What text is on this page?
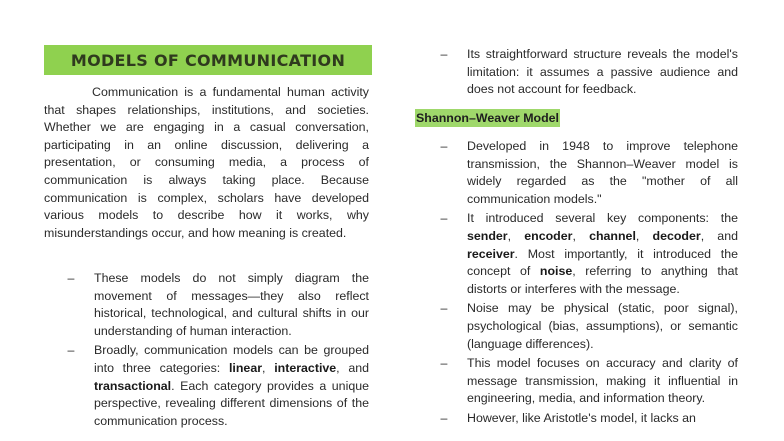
MODELS OF COMMUNICATION

Communication is a fundamental human activity that shapes relationships, institutions, and societies. Whether we are engaging in a casual conversation, participating in an online discussion, delivering a presentation, or consuming media, a process of communication is always taking place. Because communication is complex, scholars have developed various models to describe how it works, why misunderstandings occur, and how meaning is created.

– These models do not simply diagram the movement of messages—they also reflect historical, technological, and cultural shifts in our understanding of human interaction.
– Broadly, communication models can be grouped into three categories: linear, interactive, and transactional. Each category provides a unique perspective, revealing different dimensions of the communication process.
– Its straightforward structure reveals the model's limitation: it assumes a passive audience and does not account for feedback.
Shannon–Weaver Model
– Developed in 1948 to improve telephone transmission, the Shannon–Weaver model is widely regarded as the "mother of all communication models."
– It introduced several key components: the sender, encoder, channel, decoder, and receiver. Most importantly, it introduced the concept of noise, referring to anything that distorts or interferes with the message.
– Noise may be physical (static, poor signal), psychological (bias, assumptions), or semantic (language differences).
– This model focuses on accuracy and clarity of message transmission, making it influential in engineering, media, and information theory.
– However, like Aristotle's model, it lacks an
